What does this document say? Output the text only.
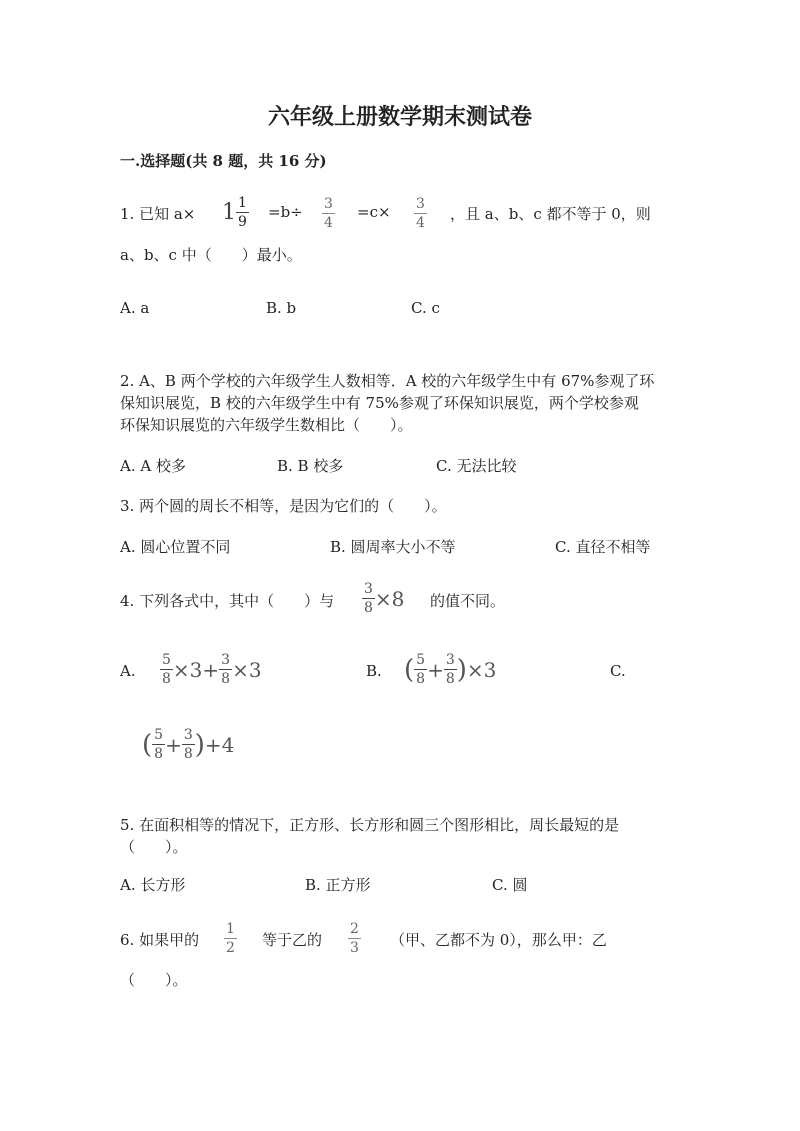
六年级上册数学期末测试卷
一.选择题(共 8 题，共 16 分)
1. 已知 $a\times 1 \frac{1}{9} =b\div \frac{3}{4} =c\times \frac{3}{4}$ ，且 a、b、c 都不等于 0，则
a、b、c 中（　　）最小。
A. a	B. b	C. c
2. A、B 两个学校的六年级学生人数相等．A 校的六年级学生中有 67%参观了环
保知识展览，B 校的六年级学生中有 75%参观了环保知识展览，两个学校参观
环保知识展览的六年级学生数相比（　　）。
A. A 校多	B. B 校多	C. 无法比较
3. 两个圆的周长不相等，是因为它们的（　　）。
A. 圆心位置不同	B. 圆周率大小不等	C. 直径不相等
4. 下列各式中，其中（　　）与 $\frac{3}{8} \times 8$ 的值不同。
A. $\frac{5}{8} \times 3+ \frac{3}{8} \times 3$	B. ( $\frac{5}{8} + \frac{3}{8}$ ) ×3	C.
( $\frac{5}{8} + \frac{3}{8}$ ) +4
5. 在面积相等的情况下，正方形、长方形和圆三个图形相比，周长最短的是
（　　）。
A. 长方形	B. 正方形	C. 圆
6. 如果甲的 $\frac{1}{2}$ 等于乙的 $\frac{2}{3}$ （甲、乙都不为 0），那么甲：乙
（　　）。
